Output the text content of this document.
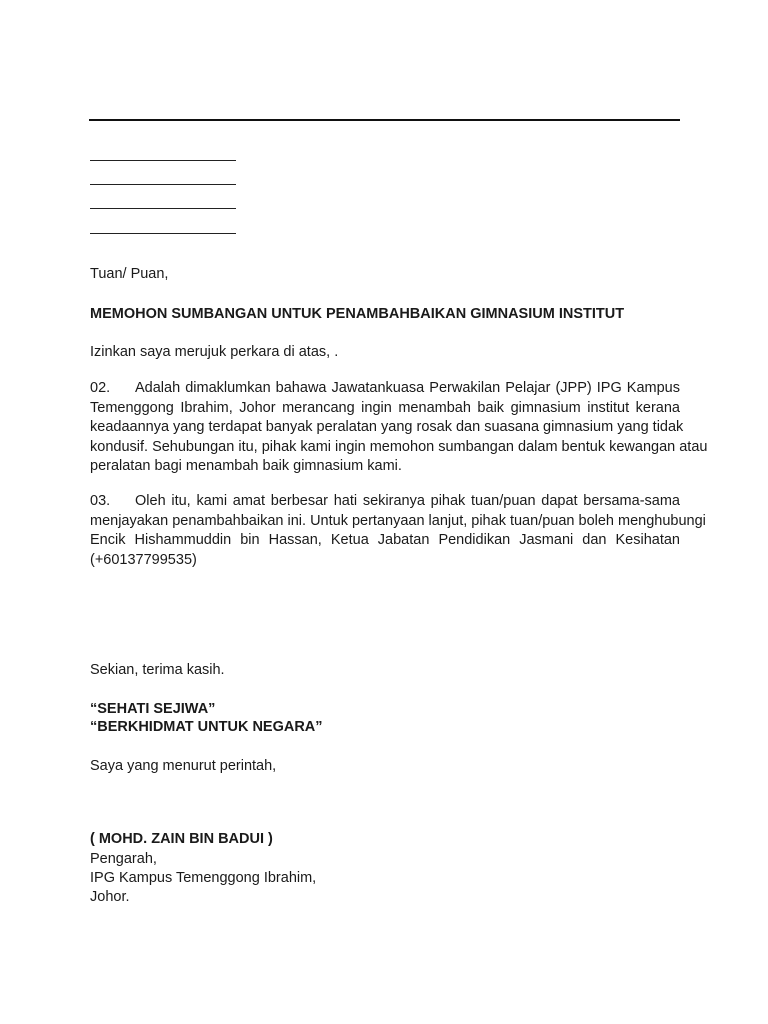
Tuan/ Puan,
MEMOHON SUMBANGAN UNTUK PENAMBAHBAIKAN GIMNASIUM INSTITUT
Izinkan saya merujuk perkara di atas, .
02.	Adalah dimaklumkan bahawa Jawatankuasa Perwakilan Pelajar (JPP) IPG Kampus
Temenggong Ibrahim, Johor merancang ingin menambah baik gimnasium institut kerana
keadaannya yang terdapat banyak peralatan yang rosak dan suasana gimnasium yang tidak
kondusif. Sehubungan itu, pihak kami ingin memohon sumbangan dalam bentuk kewangan atau
peralatan bagi menambah baik gimnasium kami.
03.	Oleh itu, kami amat berbesar hati sekiranya pihak tuan/puan dapat bersama-sama
menjayakan penambahbaikan ini. Untuk pertanyaan lanjut, pihak tuan/puan boleh menghubungi
Encik Hishammuddin bin Hassan, Ketua Jabatan Pendidikan Jasmani dan Kesihatan
(+60137799535)
Sekian, terima kasih.
“SEHATI SEJIWA”
“BERKHIDMAT UNTUK NEGARA”
Saya yang menurut perintah,
( MOHD. ZAIN BIN BADUI )
Pengarah,
IPG Kampus Temenggong Ibrahim,
Johor.
